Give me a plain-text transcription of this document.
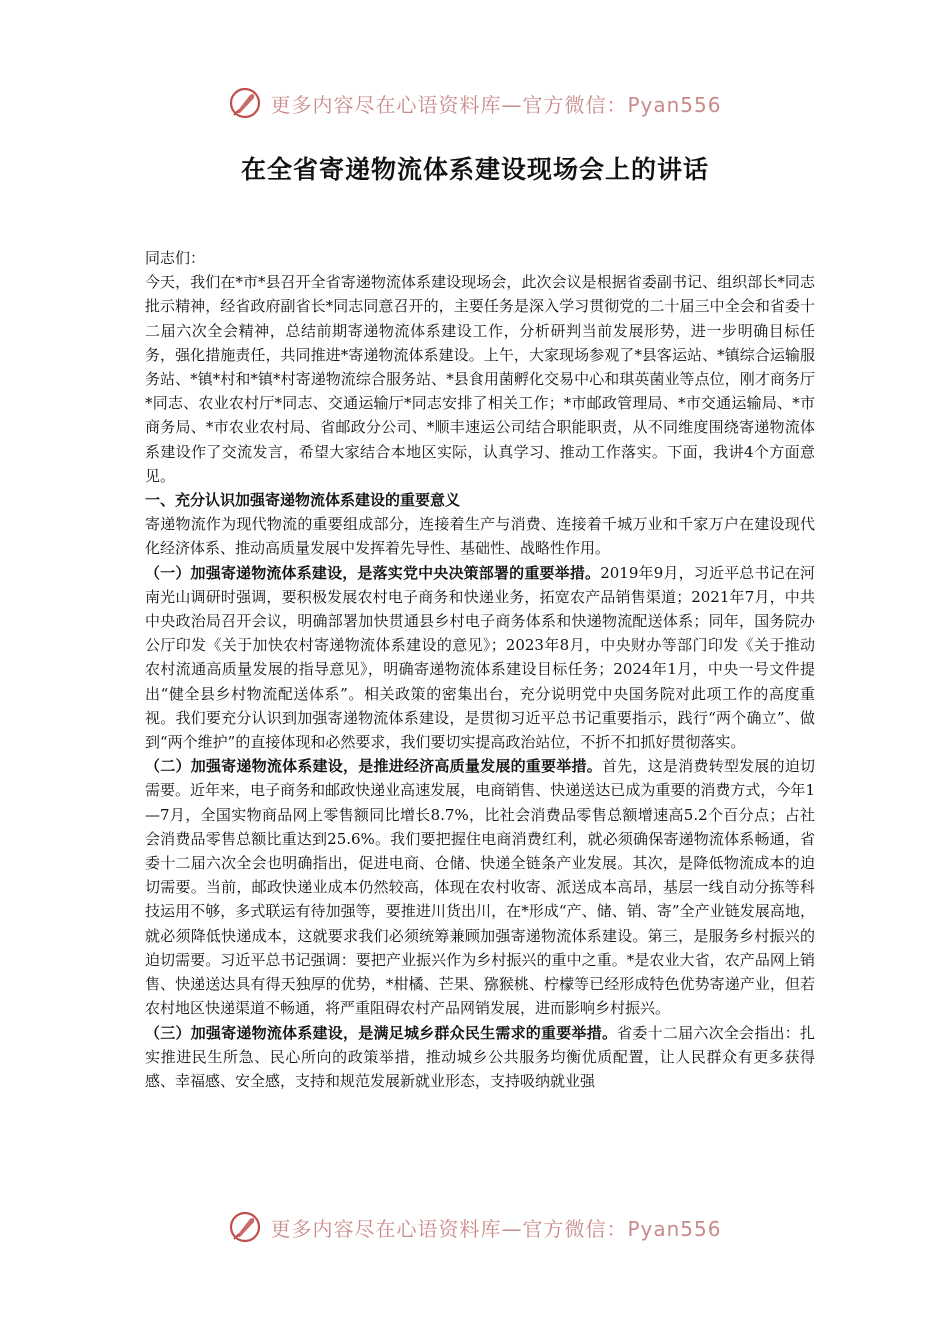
更多内容尽在心语资料库—官方微信：Pyan556
在全省寄递物流体系建设现场会上的讲话

同志们：

今天，我们在*市*县召开全省寄递物流体系建设现场会，此次会议是根据省委副书记、组织部长*同志批示精神，经省政府副省长*同志同意召开的，主要任务是深入学习贯彻党的二十届三中全会和省委十二届六次全会精神，总结前期寄递物流体系建设工作，分析研判当前发展形势，进一步明确目标任务，强化措施责任，共同推进*寄递物流体系建设。上午，大家现场参观了*县客运站、*镇综合运输服务站、*镇*村和*镇*村寄递物流综合服务站、*县食用菌孵化交易中心和琪英菌业等点位，刚才商务厅*同志、农业农村厅*同志、交通运输厅*同志安排了相关工作；*市邮政管理局、*市交通运输局、*市商务局、*市农业农村局、省邮政分公司、*顺丰速运公司结合职能职责，从不同维度围绕寄递物流体系建设作了交流发言，希望大家结合本地区实际，认真学习、推动工作落实。下面，我讲4个方面意见。

一、充分认识加强寄递物流体系建设的重要意义

寄递物流作为现代物流的重要组成部分，连接着生产与消费、连接着千城万业和千家万户在建设现代化经济体系、推动高质量发展中发挥着先导性、基础性、战略性作用。

（一）加强寄递物流体系建设，是落实党中央决策部署的重要举措。2019年9月，习近平总书记在河南光山调研时强调，要积极发展农村电子商务和快递业务，拓宽农产品销售渠道；2021年7月，中共中央政治局召开会议，明确部署加快贯通县乡村电子商务体系和快递物流配送体系；同年，国务院办公厅印发《关于加快农村寄递物流体系建设的意见》；2023年8月，中央财办等部门印发《关于推动农村流通高质量发展的指导意见》，明确寄递物流体系建设目标任务；2024年1月，中央一号文件提出“健全县乡村物流配送体系”。相关政策的密集出台，充分说明党中央国务院对此项工作的高度重视。我们要充分认识到加强寄递物流体系建设，是贯彻习近平总书记重要指示，践行“两个确立”、做到“两个维护”的直接体现和必然要求，我们要切实提高政治站位，不折不扣抓好贯彻落实。

（二）加强寄递物流体系建设，是推进经济高质量发展的重要举措。首先，这是消费转型发展的迫切需要。近年来，电子商务和邮政快递业高速发展，电商销售、快递送达已成为重要的消费方式，今年1—7月，全国实物商品网上零售额同比增长8.7%，比社会消费品零售总额增速高5.2个百分点；占社会消费品零售总额比重达到25.6%。我们要把握住电商消费红利，就必须确保寄递物流体系畅通，省委十二届六次全会也明确指出，促进电商、仓储、快递全链条产业发展。其次，是降低物流成本的迫切需要。当前，邮政快递业成本仍然较高，体现在农村收寄、派送成本高昂，基层一线自动分拣等科技运用不够，多式联运有待加强等，要推进川货出川，在*形成“产、储、销、寄”全产业链发展高地，就必须降低快递成本，这就要求我们必须统筹兼顾加强寄递物流体系建设。第三，是服务乡村振兴的迫切需要。习近平总书记强调：要把产业振兴作为乡村振兴的重中之重。*是农业大省，农产品网上销售、快递送达具有得天独厚的优势，*柑橘、芒果、猕猴桃、柠檬等已经形成特色优势寄递产业，但若农村地区快递渠道不畅通，将严重阻碍农村产品网销发展，进而影响乡村振兴。

（三）加强寄递物流体系建设，是满足城乡群众民生需求的重要举措。省委十二届六次全会指出：扎实推进民生所急、民心所向的政策举措，推动城乡公共服务均衡优质配置，让人民群众有更多获得感、幸福感、安全感，支持和规范发展新就业形态，支持吸纳就业强

更多内容尽在心语资料库—官方微信：Pyan556
